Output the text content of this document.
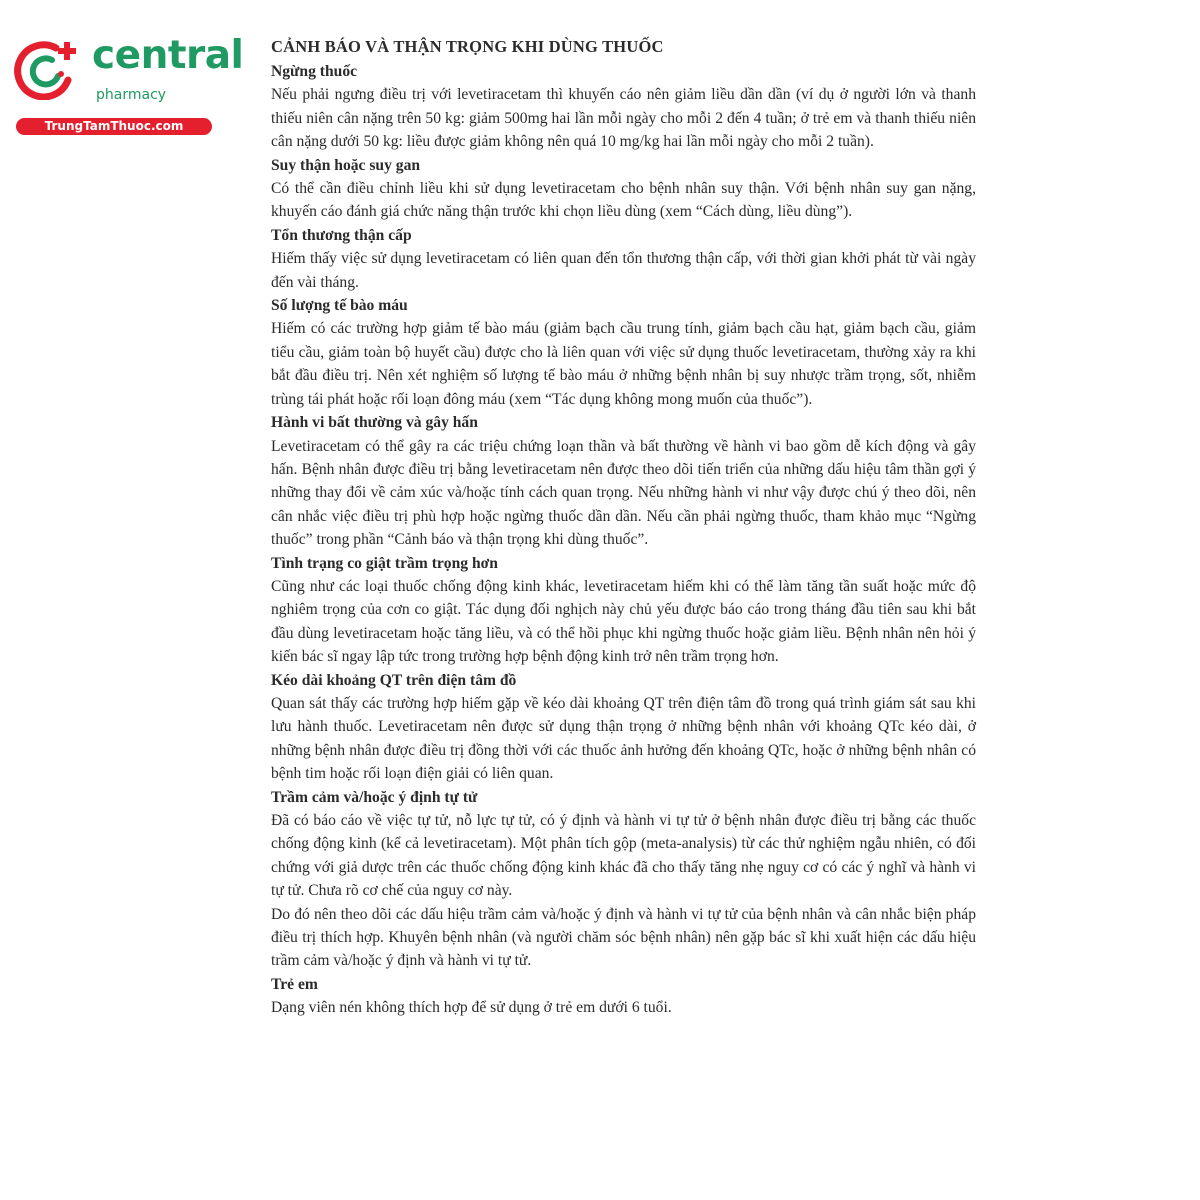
central
pharmacy
TrungTamThuoc.com
CẢNH BÁO VÀ THẬN TRỌNG KHI DÙNG THUỐC
Ngừng thuốc

Nếu phải ngưng điều trị với levetiracetam thì khuyến cáo nên giảm liều dần dần (ví dụ ở người lớn và thanh thiếu niên cân nặng trên 50 kg: giảm 500mg hai lần mỗi ngày cho mỗi 2 đến 4 tuần; ở trẻ em và thanh thiếu niên cân nặng dưới 50 kg: liều được giảm không nên quá 10 mg/kg hai lần mỗi ngày cho mỗi 2 tuần).

Suy thận hoặc suy gan

Có thể cần điều chỉnh liều khi sử dụng levetiracetam cho bệnh nhân suy thận. Với bệnh nhân suy gan nặng, khuyến cáo đánh giá chức năng thận trước khi chọn liều dùng (xem “Cách dùng, liều dùng”).

Tổn thương thận cấp

Hiếm thấy việc sử dụng levetiracetam có liên quan đến tổn thương thận cấp, với thời gian khởi phát từ vài ngày đến vài tháng.

Số lượng tế bào máu

Hiếm có các trường hợp giảm tế bào máu (giảm bạch cầu trung tính, giảm bạch cầu hạt, giảm bạch cầu, giảm tiểu cầu, giảm toàn bộ huyết cầu) được cho là liên quan với việc sử dụng thuốc levetiracetam, thường xảy ra khi bắt đầu điều trị. Nên xét nghiệm số lượng tế bào máu ở những bệnh nhân bị suy nhược trầm trọng, sốt, nhiễm trùng tái phát hoặc rối loạn đông máu (xem “Tác dụng không mong muốn của thuốc”).

Hành vi bất thường và gây hấn

Levetiracetam có thể gây ra các triệu chứng loạn thần và bất thường về hành vi bao gồm dễ kích động và gây hấn. Bệnh nhân được điều trị bằng levetiracetam nên được theo dõi tiến triển của những dấu hiệu tâm thần gợi ý những thay đổi về cảm xúc và/hoặc tính cách quan trọng. Nếu những hành vi như vậy được chú ý theo dõi, nên cân nhắc việc điều trị phù hợp hoặc ngừng thuốc dần dần. Nếu cần phải ngừng thuốc, tham khảo mục “Ngừng thuốc” trong phần “Cảnh báo và thận trọng khi dùng thuốc”.

Tình trạng co giật trầm trọng hơn

Cũng như các loại thuốc chống động kinh khác, levetiracetam hiếm khi có thể làm tăng tần suất hoặc mức độ nghiêm trọng của cơn co giật. Tác dụng đối nghịch này chủ yếu được báo cáo trong tháng đầu tiên sau khi bắt đầu dùng levetiracetam hoặc tăng liều, và có thể hồi phục khi ngừng thuốc hoặc giảm liều. Bệnh nhân nên hỏi ý kiến bác sĩ ngay lập tức trong trường hợp bệnh động kinh trở nên trầm trọng hơn.

Kéo dài khoảng QT trên điện tâm đồ

Quan sát thấy các trường hợp hiếm gặp về kéo dài khoảng QT trên điện tâm đồ trong quá trình giám sát sau khi lưu hành thuốc. Levetiracetam nên được sử dụng thận trọng ở những bệnh nhân với khoảng QTc kéo dài, ở những bệnh nhân được điều trị đồng thời với các thuốc ảnh hưởng đến khoảng QTc, hoặc ở những bệnh nhân có bệnh tim hoặc rối loạn điện giải có liên quan.

Trầm cảm và/hoặc ý định tự tử

Đã có báo cáo về việc tự tử, nỗ lực tự tử, có ý định và hành vi tự tử ở bệnh nhân được điều trị bằng các thuốc chống động kinh (kể cả levetiracetam). Một phân tích gộp (meta-analysis) từ các thử nghiệm ngẫu nhiên, có đối chứng với giả dược trên các thuốc chống động kinh khác đã cho thấy tăng nhẹ nguy cơ có các ý nghĩ và hành vi tự tử. Chưa rõ cơ chế của nguy cơ này.

Do đó nên theo dõi các dấu hiệu trầm cảm và/hoặc ý định và hành vi tự tử của bệnh nhân và cân nhắc biện pháp điều trị thích hợp. Khuyên bệnh nhân (và người chăm sóc bệnh nhân) nên gặp bác sĩ khi xuất hiện các dấu hiệu trầm cảm và/hoặc ý định và hành vi tự tử.

Trẻ em

Dạng viên nén không thích hợp để sử dụng ở trẻ em dưới 6 tuổi.
